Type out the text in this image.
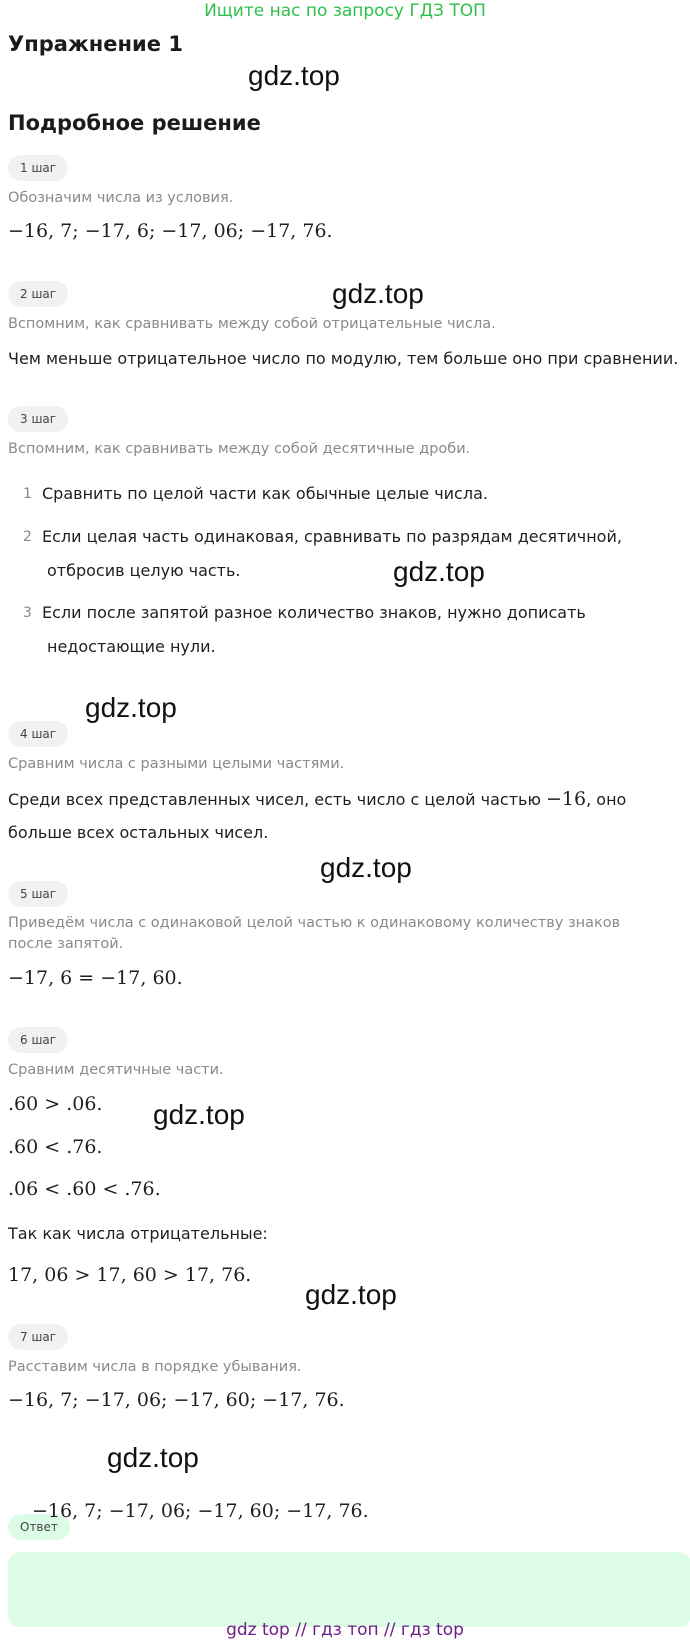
Ищите нас по запросу ГДЗ ТОП
Упражнение 1
gdz.top
Подробное решение
1 шаг
Обозначим числа из условия.
−16, 7; −17, 6; −17, 06; −17, 76.
2 шаг	gdz.top
Вспомним, как сравнивать между собой отрицательные числа.
Чем меньше отрицательное число по модулю, тем больше оно при сравнении.
3 шаг
Вспомним, как сравнивать между собой десятичные дроби.
1 Сравнить по целой части как обычные целые числа.
2 Если целая часть одинаковая, сравнивать по разрядам десятичной,
отбросив целую часть.	gdz.top
3 Если после запятой разное количество знаков, нужно дописать
недостающие нули.
gdz.top
4 шаг
Сравним числа с разными целыми частями.
Среди всех представленных чисел, есть число с целой частью −16, оно
больше всех остальных чисел.
gdz.top
5 шаг
Приведём числа с одинаковой целой частью к одинаковому количеству знаков после запятой.
−17, 6 = −17, 60.
6 шаг
Сравним десятичные части.
.60 > .06. gdz.top
.60 < .76.
.06 < .60 < .76.
Так как числа отрицательные:
17, 06 > 17, 60 > 17, 76.
gdz.top
7 шаг
Расставим числа в порядке убывания.
−16, 7; −17, 06; −17, 60; −17, 76.
Ответ
gdz.top
−16, 7; −17, 06; −17, 60; −17, 76.
gdz top // гдз топ // гдз top
